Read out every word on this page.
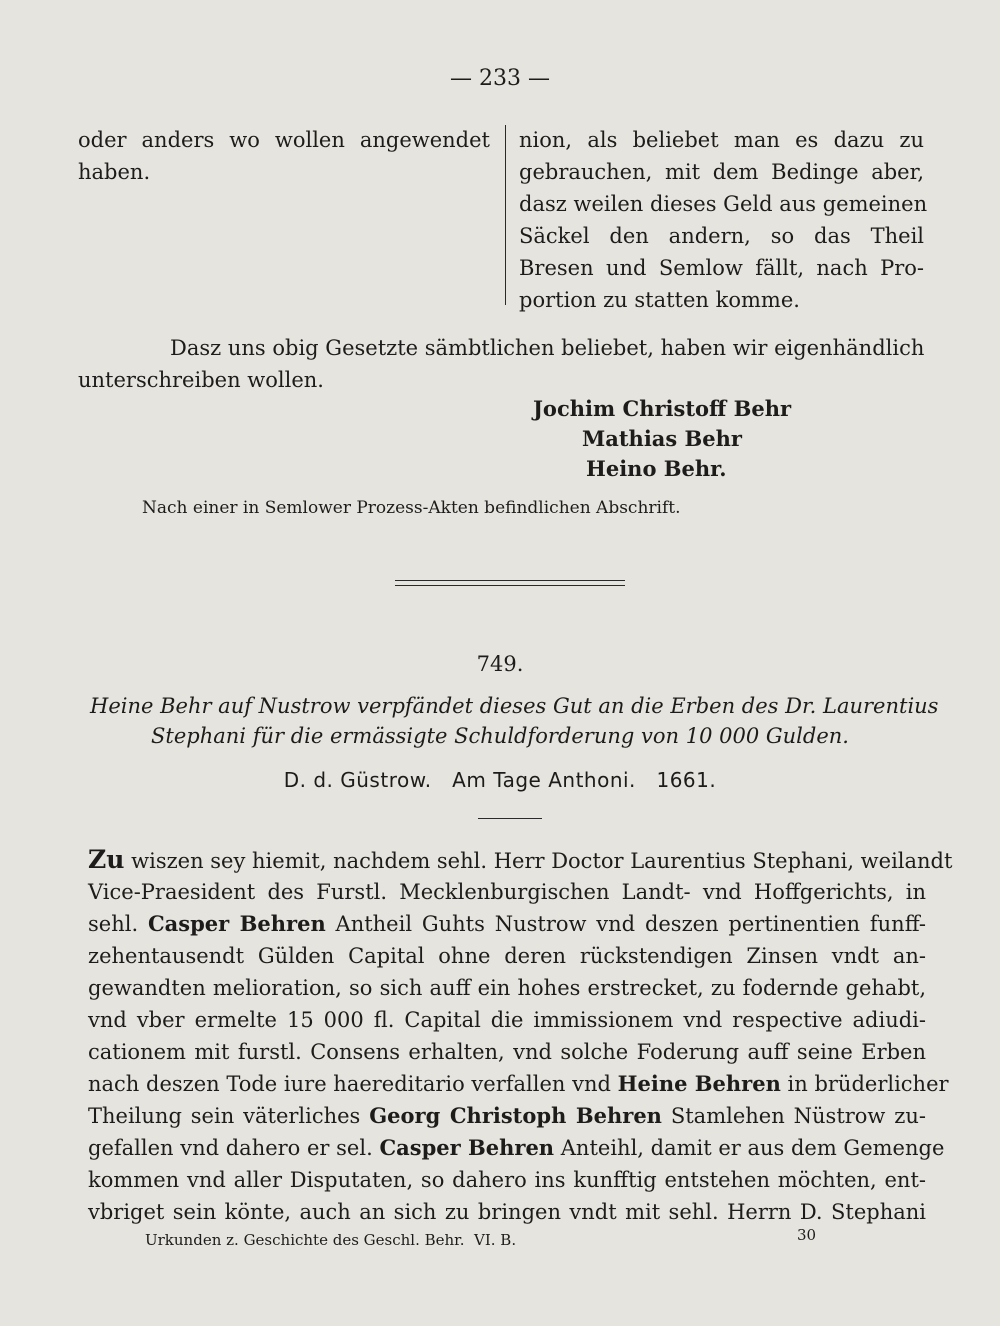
— 233 —
oder anders wo wollen angewendet
haben.
nion, als beliebet man es dazu zu
gebrauchen, mit dem Bedinge aber,
dasz weilen dieses Geld aus gemeinen
Säckel den andern, so das Theil
Bresen und Semlow fällt, nach Pro-
portion zu statten komme.
Dasz uns obig Gesetzte sämbtlichen beliebet, haben wir eigenhändlich
unterschreiben wollen.
Jochim Christoff Behr
Mathias Behr
Heino Behr.
Nach einer in Semlower Prozess-Akten befindlichen Abschrift.
749.
Heine Behr auf Nustrow verpfändet dieses Gut an die Erben des Dr. Laurentius
Stephani für die ermässigte Schuldforderung von 10 000 Gulden.
D. d. Güstrow.   Am Tage Anthoni.   1661.
Zu wiszen sey hiemit, nachdem sehl. Herr Doctor Laurentius Stephani, weilandt
Vice-Praesident des Furstl. Mecklenburgischen Landt- vnd Hoffgerichts, in
sehl. Casper Behren Antheil Guhts Nustrow vnd deszen pertinentien funff-
zehentausendt Gülden Capital ohne deren rückstendigen Zinsen vndt an-
gewandten melioration, so sich auff ein hohes erstrecket, zu fodernde gehabt,
vnd vber ermelte 15 000 fl. Capital die immissionem vnd respective adiudi-
cationem mit furstl. Consens erhalten, vnd solche Foderung auff seine Erben
nach deszen Tode iure haereditario verfallen vnd Heine Behren in brüderlicher
Theilung sein väterliches Georg Christoph Behren Stamlehen Nüstrow zu-
gefallen vnd dahero er sel. Casper Behren Anteihl, damit er aus dem Gemenge
kommen vnd aller Disputaten, so dahero ins kunfftig entstehen möchten, ent-
vbriget sein könte, auch an sich zu bringen vndt mit sehl. Herrn D. Stephani
Urkunden z. Geschichte des Geschl. Behr.  VI. B.	30
